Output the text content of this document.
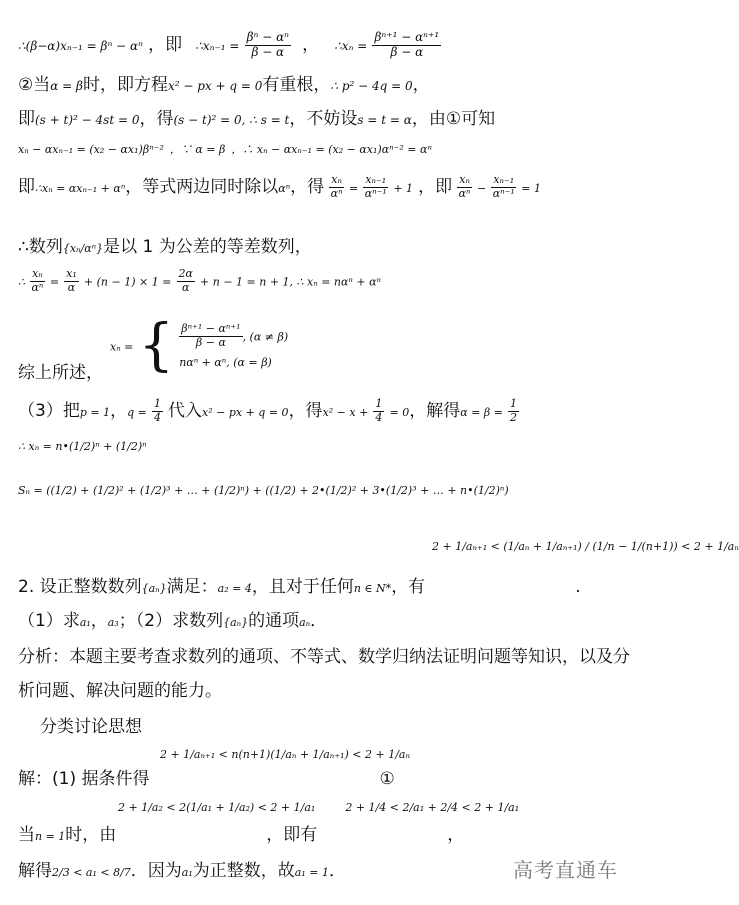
∴(β−α)xₙ₋₁ = βⁿ − αⁿ ，即 ∴xₙ₋₁ = $\frac{\text{βⁿ − αⁿ}}{\beta - \alpha}$ ， ∴xₙ = $\frac{\text{βⁿ⁺¹ − αⁿ⁺¹}}{\beta - \alpha}$
②当α = β时，即方程x² − px + q = 0有重根，∴ p² − 4q = 0，
即(s + t)² − 4st = 0，得(s − t)² = 0, ∴ s = t，不妨设s = t = α，由①可知
xₙ − αxₙ₋₁ = (x₂ − αx₁)βⁿ⁻² ，∵ α = β ，∴ xₙ − αxₙ₋₁ = (x₂ − αx₁)αⁿ⁻² = αⁿ
即∴xₙ = αxₙ₋₁ + αⁿ，等式两边同时除以αⁿ，得 $\frac{\text{xₙ}}{\text{αⁿ}} = \frac{\text{xₙ₋₁}}{\text{αⁿ⁻¹}} + 1$ ，即 $\frac{\text{xₙ}}{\text{αⁿ}} - \frac{\text{xₙ₋₁}}{\text{αⁿ⁻¹}} = 1$
∴数列{xₙ/αⁿ}是以 1 为公差的等差数列，
∴ $\frac{\text{xₙ}}{\text{αⁿ}} = \frac{\text{x₁}}{\alpha} + (n - 1) \times 1 = \frac{2\alpha}{\alpha} + n - 1 = n + 1$, ∴ xₙ = nαⁿ + αⁿ
xₙ = { $\frac{\text{βⁿ⁺¹ − αⁿ⁺¹}}{\beta - \alpha}$ , (α ≠ β)
nαⁿ + αⁿ, (α = β)
综上所述，
（3）把p = 1，$q = \frac{1}{4}$ 代入x² − px + q = 0，得$x^2 - x + \frac{1}{4} = 0$，解得$\alpha = \beta = \frac{1}{2}$
∴ xₙ = n•(1/2)ⁿ + (1/2)ⁿ
Sₙ = ((1/2) + (1/2)² + (1/2)³ + … + (1/2)ⁿ) + ((1/2) + 2•(1/2)² + 3•(1/2)³ + … + n•(1/2)ⁿ)
2 + 1/aₙ₊₁ < (1/aₙ + 1/aₙ₊₁) / (1/n − 1/(n+1)) < 2 + 1/aₙ
2. 设正整数数列{aₙ}满足：a₂ = 4，且对于任何n ∈ N*，有	.
（1）求a₁，a₃；（2）求数列{aₙ}的通项aₙ．
分析：本题主要考查求数列的通项、不等式、数学归纳法证明问题等知识，以及分
析问题、解决问题的能力。
分类讨论思想
2 + 1/aₙ₊₁ < n(n+1)(1/aₙ + 1/aₙ₊₁) < 2 + 1/aₙ
解：(1) 据条件得	①
2 + 1/a₂ < 2(1/a₁ + 1/a₂) < 2 + 1/a₁	2 + 1/4 < 2/a₁ + 2/4 < 2 + 1/a₁
当n = 1时，由	，即有	，
解得2/3 < a₁ < 8/7．因为a₁为正整数，故a₁ = 1．	高考直通车
